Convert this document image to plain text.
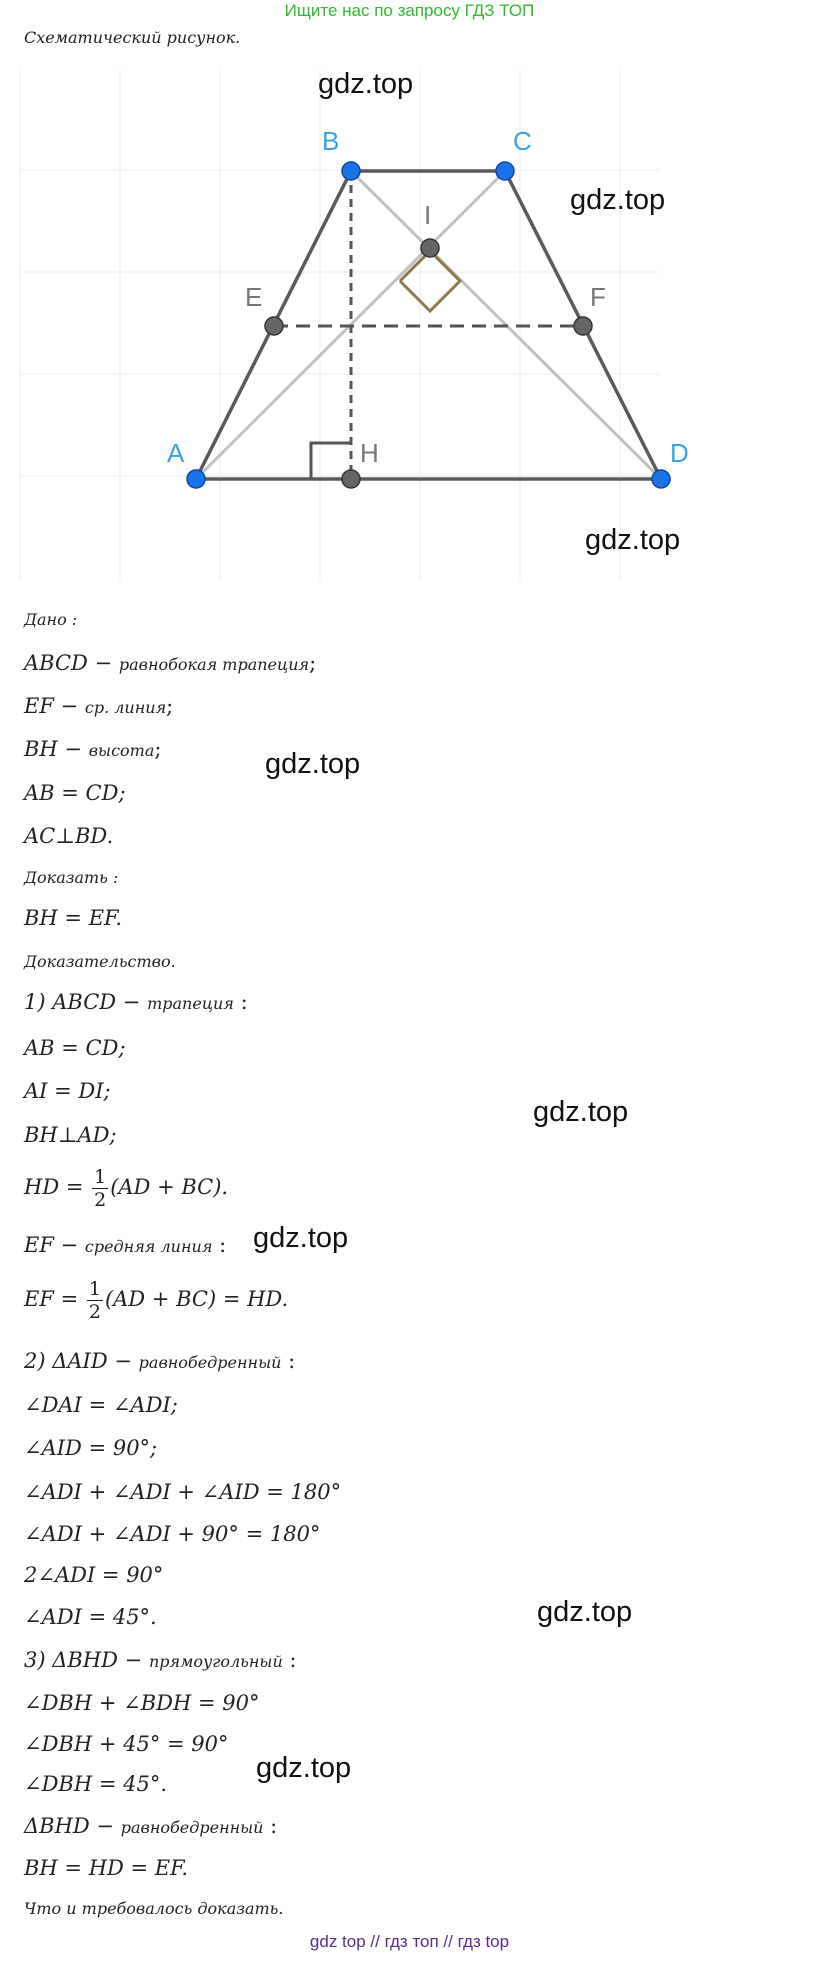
Ищите нас по запросу ГДЗ ТОП
Схематический рисунок.
B	C
A	D
E	F
I
H
gdz.top
gdz.top
gdz.top
gdz.top
gdz.top
gdz.top
gdz.top
gdz.top
Дано :
ABCD − равнобокая трапеция;
EF − ср. линия;
BH − высота;
AB = CD;
AC⊥BD.
Доказать :
BH = EF.
Доказательство.
1) ABCD − трапеция :
AB = CD;
AI = DI;
BH⊥AD;
HD = $\frac{1}{2} (AD + BC)$.
EF − средняя линия :
EF = $\frac{1}{2} (AD + BC)$ = HD.
2) ΔAID − равнобедренный :
∠DAI = ∠ADI;
∠AID = 90°;
∠ADI + ∠ADI + ∠AID = 180°
∠ADI + ∠ADI + 90° = 180°
2∠ADI = 90°
∠ADI = 45°.
3) ΔBHD − прямоугольный :
∠DBH + ∠BDH = 90°
∠DBH + 45° = 90°
∠DBH = 45°.
ΔBHD − равнобедренный :
BH = HD = EF.
Что и требовалось доказать.
gdz top // гдз топ // гдз top
